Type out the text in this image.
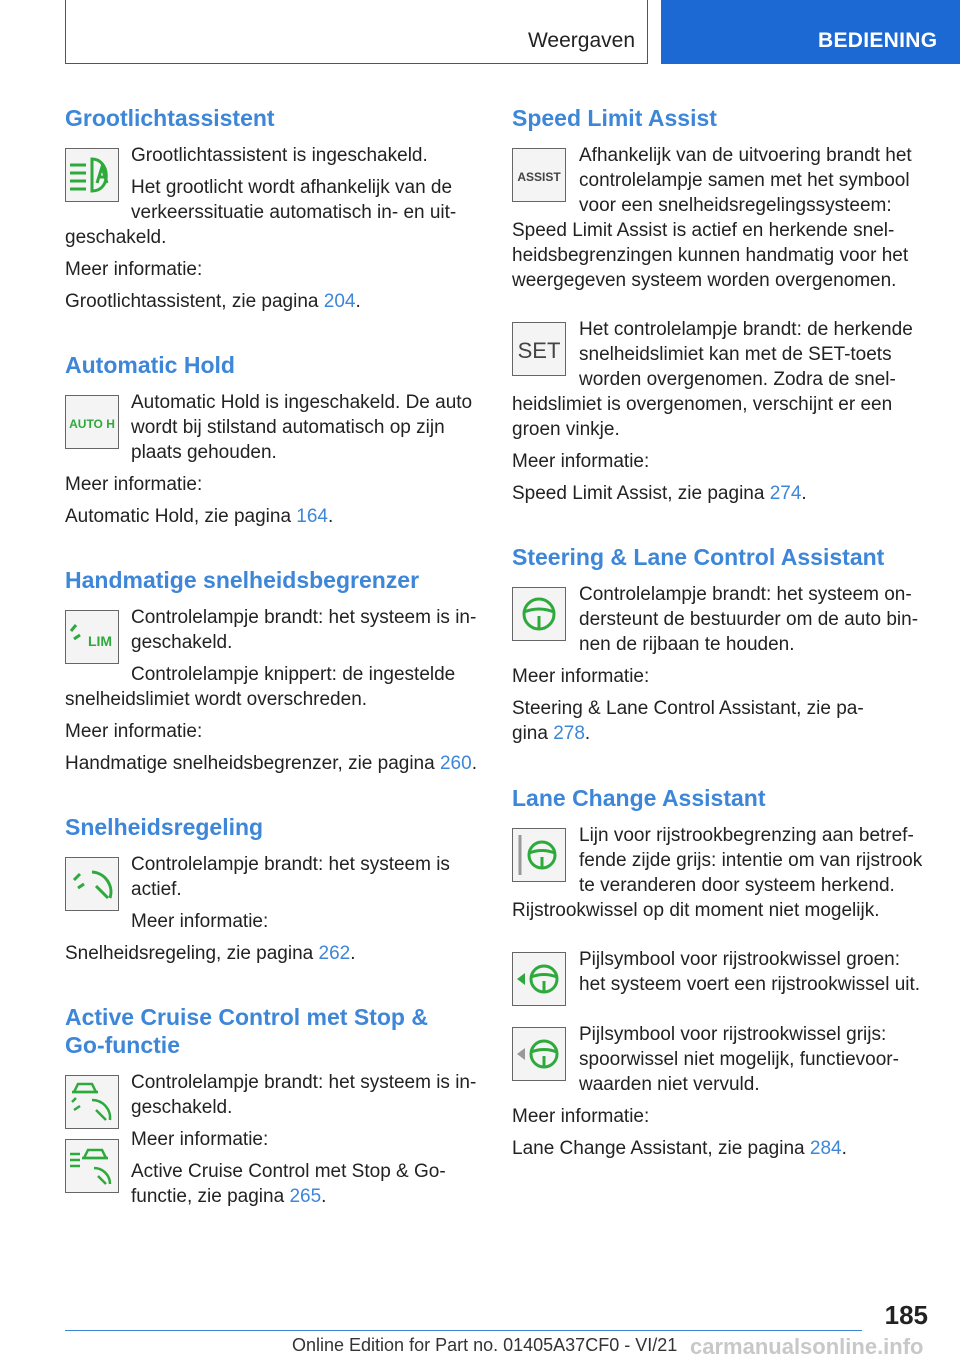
Weergaven	BEDIENING
Grootlichtassistent
Grootlichtassistent is ingeschakeld.
Het grootlicht wordt afhankelijk van de
verkeerssituatie automatisch in- en uit-
geschakeld.
Meer informatie:
Grootlichtassistent, zie pagina 204.
Automatic Hold
AUTO H
Automatic Hold is ingeschakeld. De auto
wordt bij stilstand automatisch op zijn
plaats gehouden.
Meer informatie:
Automatic Hold, zie pagina 164.
Handmatige snelheidsbegrenzer
LIM
Controlelampje brandt: het systeem is in-
geschakeld.
Controlelampje knippert: de ingestelde
snelheidslimiet wordt overschreden.
Meer informatie:
Handmatige snelheidsbegrenzer, zie pagina 260.
Snelheidsregeling
Controlelampje brandt: het systeem is
actief.
Meer informatie:
Snelheidsregeling, zie pagina 262.
Active Cruise Control met Stop &
Go-functie
Controlelampje brandt: het systeem is in-
geschakeld.
Meer informatie:
Active Cruise Control met Stop & Go-
functie, zie pagina 265.
Speed Limit Assist
ASSIST
Afhankelijk van de uitvoering brandt het
controlelampje samen met het symbool
voor een snelheidsregelingssysteem:
Speed Limit Assist is actief en herkende snel-
heidsbegrenzingen kunnen handmatig voor het
weergegeven systeem worden overgenomen.
SET
Het controlelampje brandt: de herkende
snelheidslimiet kan met de SET-toets
worden overgenomen. Zodra de snel-
heidslimiet is overgenomen, verschijnt er een
groen vinkje.
Meer informatie:
Speed Limit Assist, zie pagina 274.
Steering & Lane Control Assistant
Controlelampje brandt: het systeem on-
dersteunt de bestuurder om de auto bin-
nen de rijbaan te houden.
Meer informatie:
Steering & Lane Control Assistant, zie pa-
gina 278.
Lane Change Assistant
Lijn voor rijstrookbegrenzing aan betref-
fende zijde grijs: intentie om van rijstrook
te veranderen door systeem herkend.
Rijstrookwissel op dit moment niet mogelijk.
Pijlsymbool voor rijstrookwissel groen:
het systeem voert een rijstrookwissel uit.
Pijlsymbool voor rijstrookwissel grijs:
spoorwissel niet mogelijk, functievoor-
waarden niet vervuld.
Meer informatie:
Lane Change Assistant, zie pagina 284.
185
Online Edition for Part no. 01405A37CF0 - VI/21 carmanualsonline.info
